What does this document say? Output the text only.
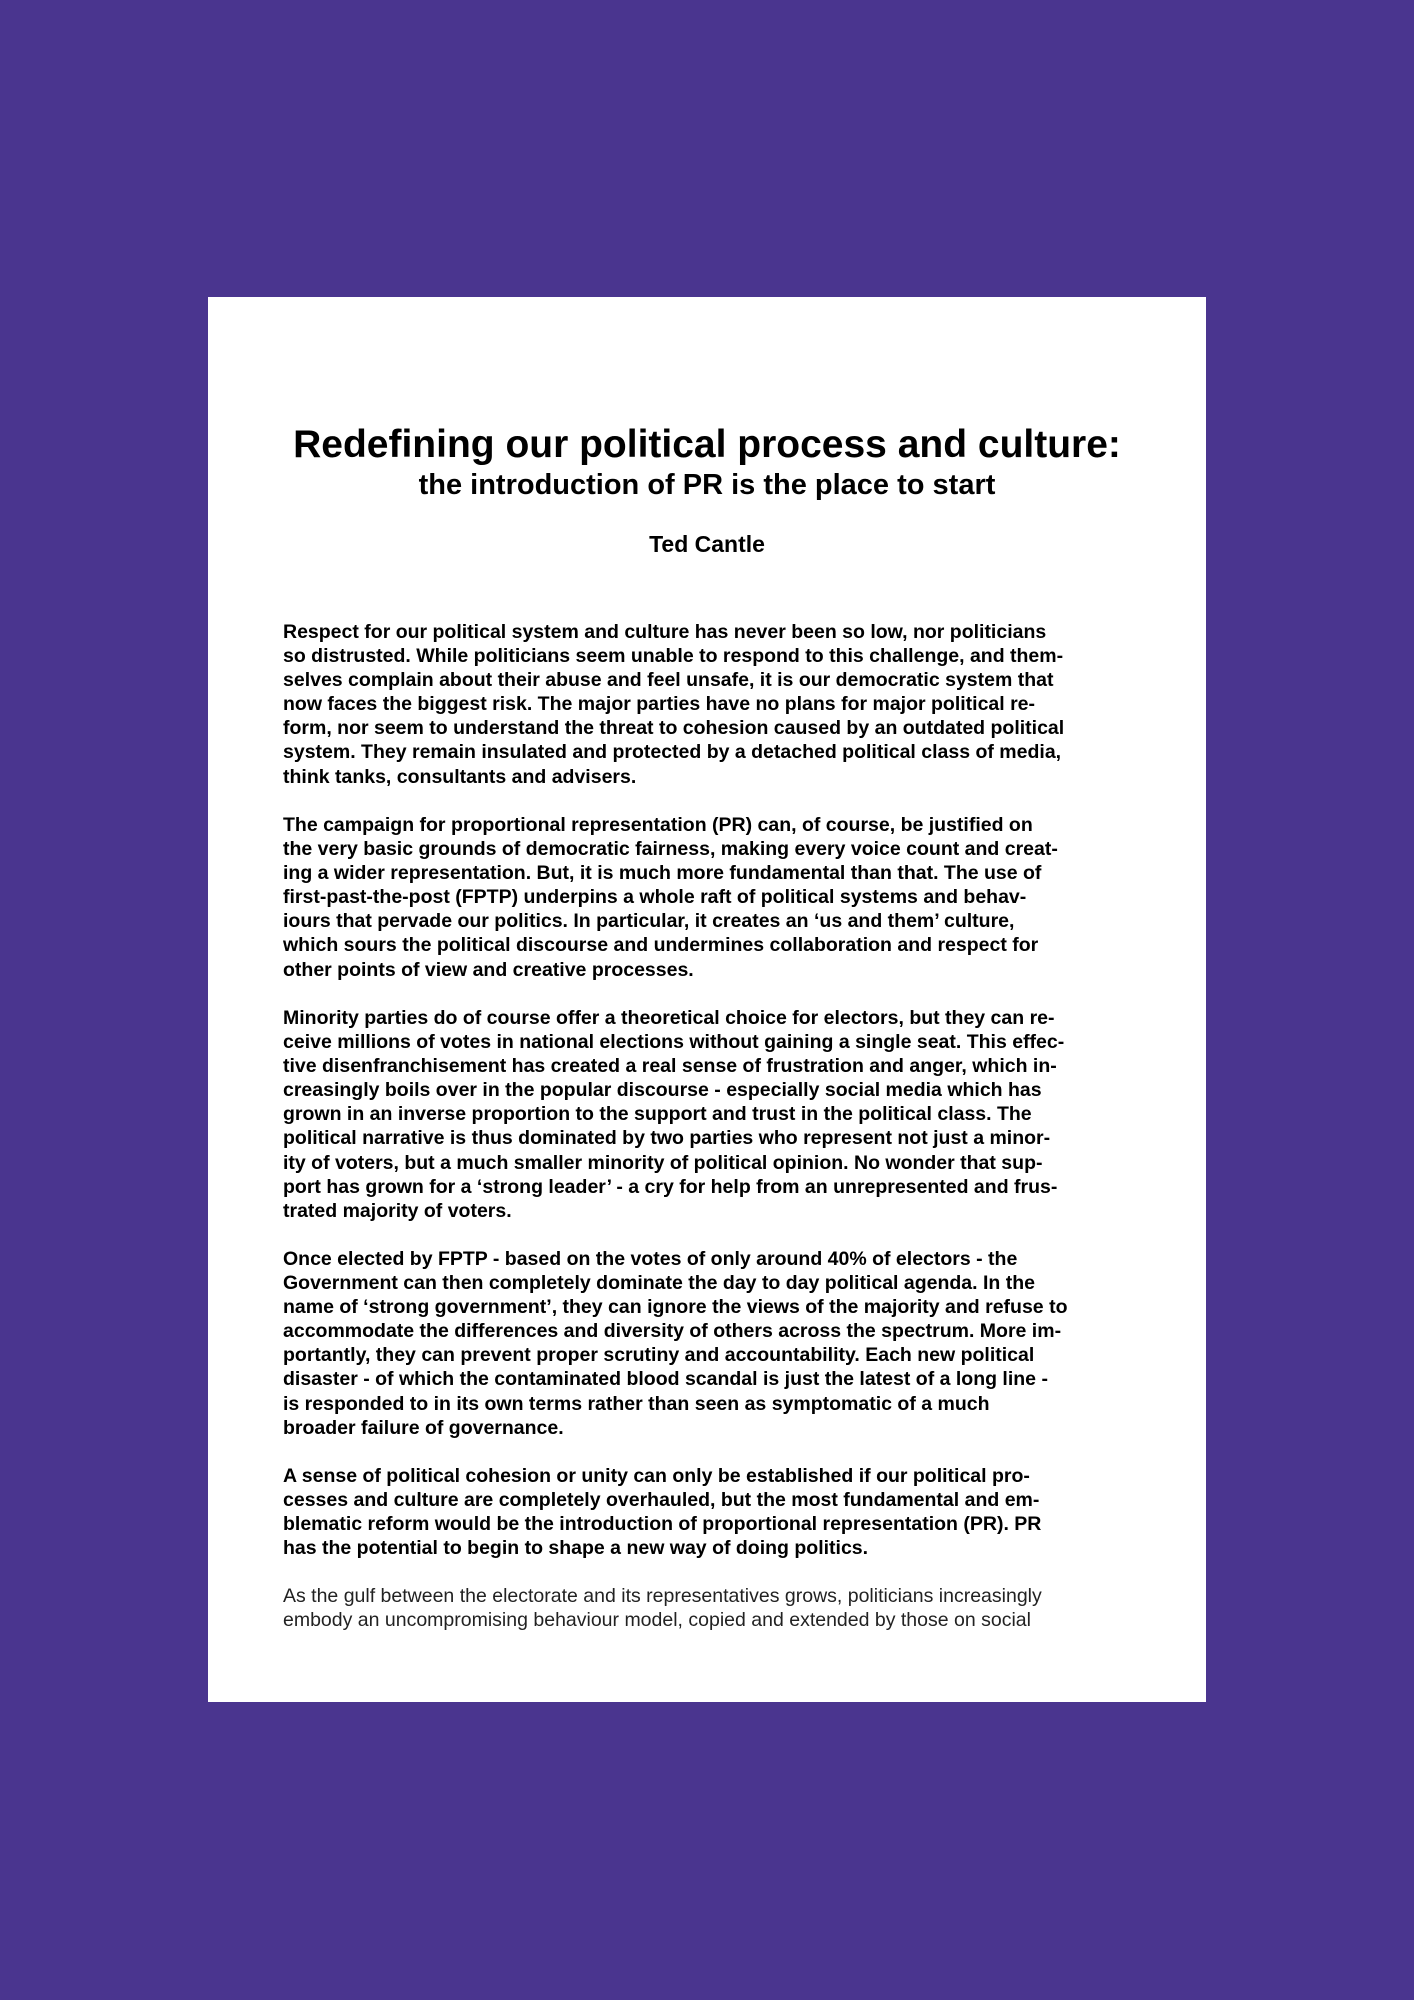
Redefining our political process and culture:
the introduction of PR is the place to start
Ted Cantle
Respect for our political system and culture has never been so low, nor politicians
so distrusted. While politicians seem unable to respond to this challenge, and them-
selves complain about their abuse and feel unsafe, it is our democratic system that
now faces the biggest risk. The major parties have no plans for major political re-
form, nor seem to understand the threat to cohesion caused by an outdated political
system. They remain insulated and protected by a detached political class of media,
think tanks, consultants and advisers.
The campaign for proportional representation (PR) can, of course, be justified on
the very basic grounds of democratic fairness, making every voice count and creat-
ing a wider representation. But, it is much more fundamental than that. The use of
first-past-the-post (FPTP) underpins a whole raft of political systems and behav-
iours that pervade our politics. In particular, it creates an ‘us and them’ culture,
which sours the political discourse and undermines collaboration and respect for
other points of view and creative processes.
Minority parties do of course offer a theoretical choice for electors, but they can re-
ceive millions of votes in national elections without gaining a single seat. This effec-
tive disenfranchisement has created a real sense of frustration and anger, which in-
creasingly boils over in the popular discourse - especially social media which has
grown in an inverse proportion to the support and trust in the political class. The
political narrative is thus dominated by two parties who represent not just a minor-
ity of voters, but a much smaller minority of political opinion. No wonder that sup-
port has grown for a ‘strong leader’ - a cry for help from an unrepresented and frus-
trated majority of voters.
Once elected by FPTP - based on the votes of only around 40% of electors - the
Government can then completely dominate the day to day political agenda. In the
name of ‘strong government’, they can ignore the views of the majority and refuse to
accommodate the differences and diversity of others across the spectrum. More im-
portantly, they can prevent proper scrutiny and accountability. Each new political
disaster - of which the contaminated blood scandal is just the latest of a long line -
is responded to in its own terms rather than seen as symptomatic of a much
broader failure of governance.
A sense of political cohesion or unity can only be established if our political pro-
cesses and culture are completely overhauled, but the most fundamental and em-
blematic reform would be the introduction of proportional representation (PR). PR
has the potential to begin to shape a new way of doing politics.
As the gulf between the electorate and its representatives grows, politicians increasingly
embody an uncompromising behaviour model, copied and extended by those on social
